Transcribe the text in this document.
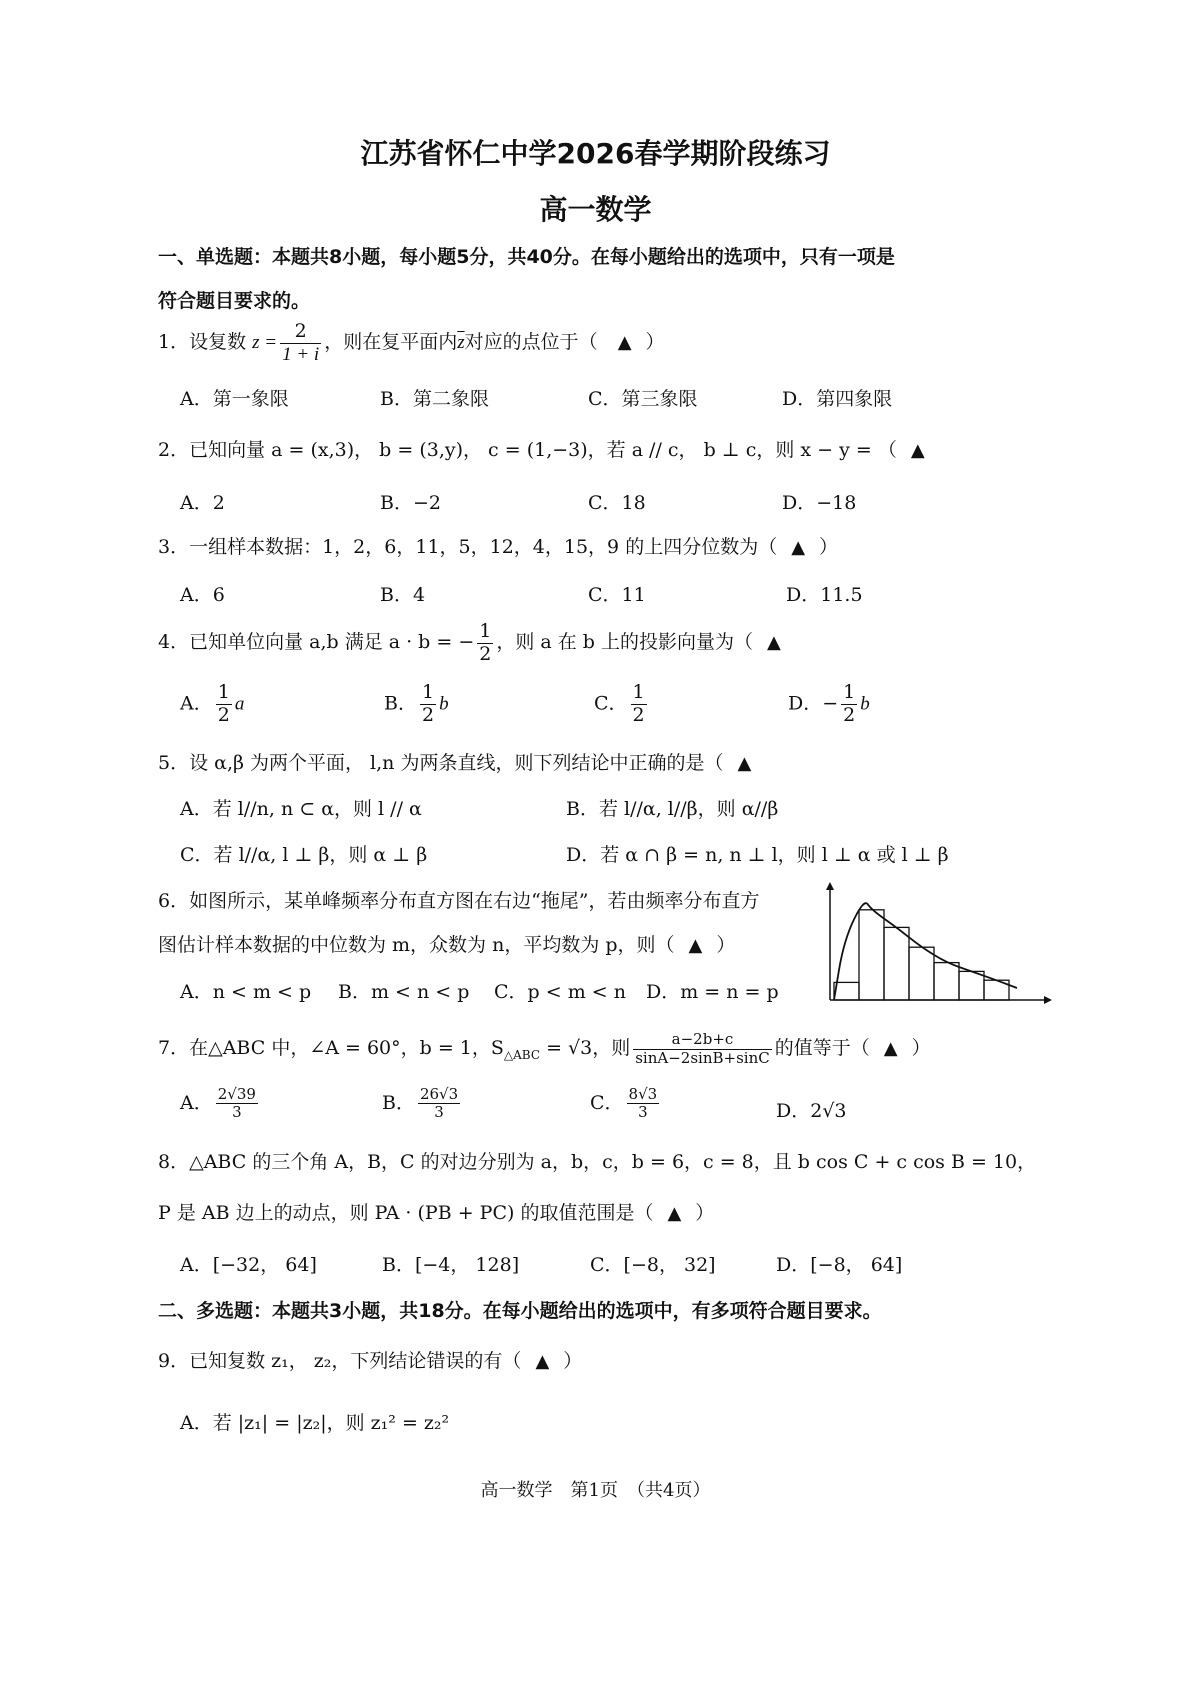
江苏省怀仁中学2026春学期阶段练习
高一数学
一、单选题：本题共8小题，每小题5分，共40分。在每小题给出的选项中，只有一项是
符合题目要求的。
1．设复数 $z = \frac{2}{1 + i}$ ，则在复平面内$\overline{z}$对应的点位于（ ▲ ）
A．第一象限	B．第二象限	C．第三象限	D．第四象限
2．已知向量 a = (x,3)， b = (3,y)， c = (1,−3)，若 a // c， b ⊥ c，则 x − y = （ ▲
A．2	B．−2	C．18	D．−18
3．一组样本数据：1，2，6，11，5，12，4，15，9 的上四分位数为（ ▲ ）
A．6	B．4	C．11	D．11.5
4．已知单位向量 a,b 满足 a · b = − $\frac{1}{2}$ ，则 a 在 b 上的投影向量为（ ▲
A． $\frac{1}{2}$ a	B． $\frac{1}{2}$ b	C． $\frac{1}{2}$	D．− $\frac{1}{2}$ b
5．设 α,β 为两个平面， l,n 为两条直线，则下列结论中正确的是（ ▲
A．若 l//n, n ⊂ α，则 l // α	B．若 l//α, l//β，则 α//β
C．若 l//α, l ⊥ β，则 α ⊥ β	D．若 α ∩ β = n, n ⊥ l，则 l ⊥ α 或 l ⊥ β
6．如图所示，某单峰频率分布直方图在右边“拖尾”，若由频率分布直方
图估计样本数据的中位数为 m，众数为 n，平均数为 p，则（ ▲ ）
A．n < m < p B．m < n < p C．p < m < n D．m = n = p
7．在△ABC 中，∠A = 60°，b = 1，$S_{\triangle ABC} = √3$，则 $\frac{a-2b+c}{\sin A-2\sin B+\sin C}$ 的值等于（ ▲ ）
A． $\frac{2√39}{3}$	B． $\frac{26√3}{3}$	C． $\frac{8√3}{3}$	D．2√3
8．△ABC 的三个角 A，B，C 的对边分别为 a，b，c，b = 6，c = 8，且 b cos C + c cos B = 10，
P 是 AB 边上的动点，则 PA · (PB + PC) 的取值范围是（ ▲ ）
A．[−32， 64]	B．[−4， 128]	C．[−8， 32]	D．[−8， 64]
二、多选题：本题共3小题，共18分。在每小题给出的选项中，有多项符合题目要求。
9．已知复数 z₁， z₂，下列结论错误的有（ ▲ ）
A．若 |z₁| = |z₂|，则 z₁² = z₂²
高一数学　第1页　（共4页）
